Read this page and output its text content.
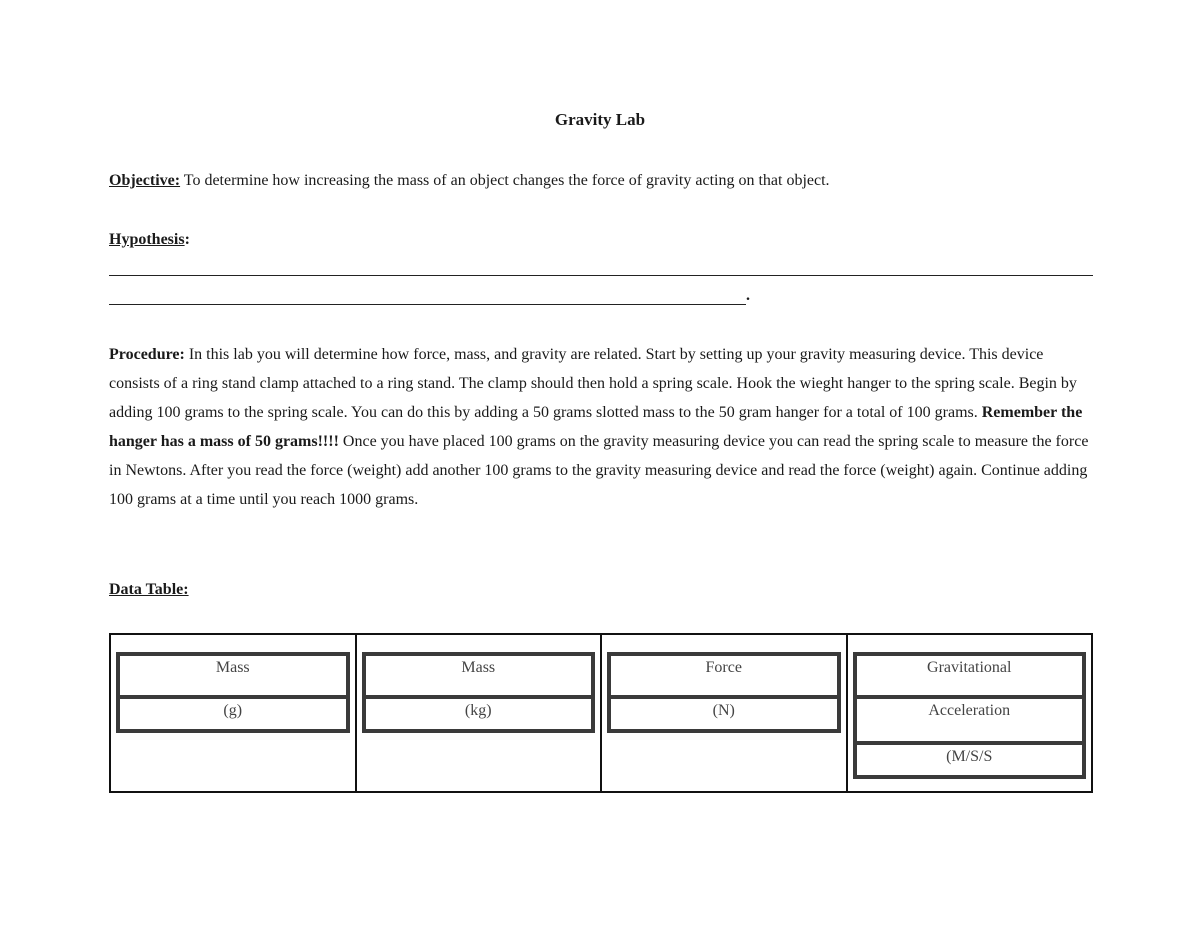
Gravity Lab
Objective: To determine how increasing the mass of an object changes the force of gravity acting on that object.
Hypothesis:
.
Procedure: In this lab you will determine how force, mass, and gravity are related. Start by setting up your gravity measuring device. This device consists of a ring stand clamp attached to a ring stand. The clamp should then hold a spring scale. Hook the wieght hanger to the spring scale. Begin by adding 100 grams to the spring scale. You can do this by adding a 50 grams slotted mass to the 50 gram hanger for a total of 100 grams. Remember the hanger has a mass of 50 grams!!!! Once you have placed 100 grams on the gravity measuring device you can read the spring scale to measure the force in Newtons. After you read the force (weight) add another 100 grams to the gravity measuring device and read the force (weight) again. Continue adding 100 grams at a time until you reach 1000 grams.
Data Table:
Mass
(g)
Mass
(kg)
Force
(N)
Gravitational
Acceleration
(M/S/S
